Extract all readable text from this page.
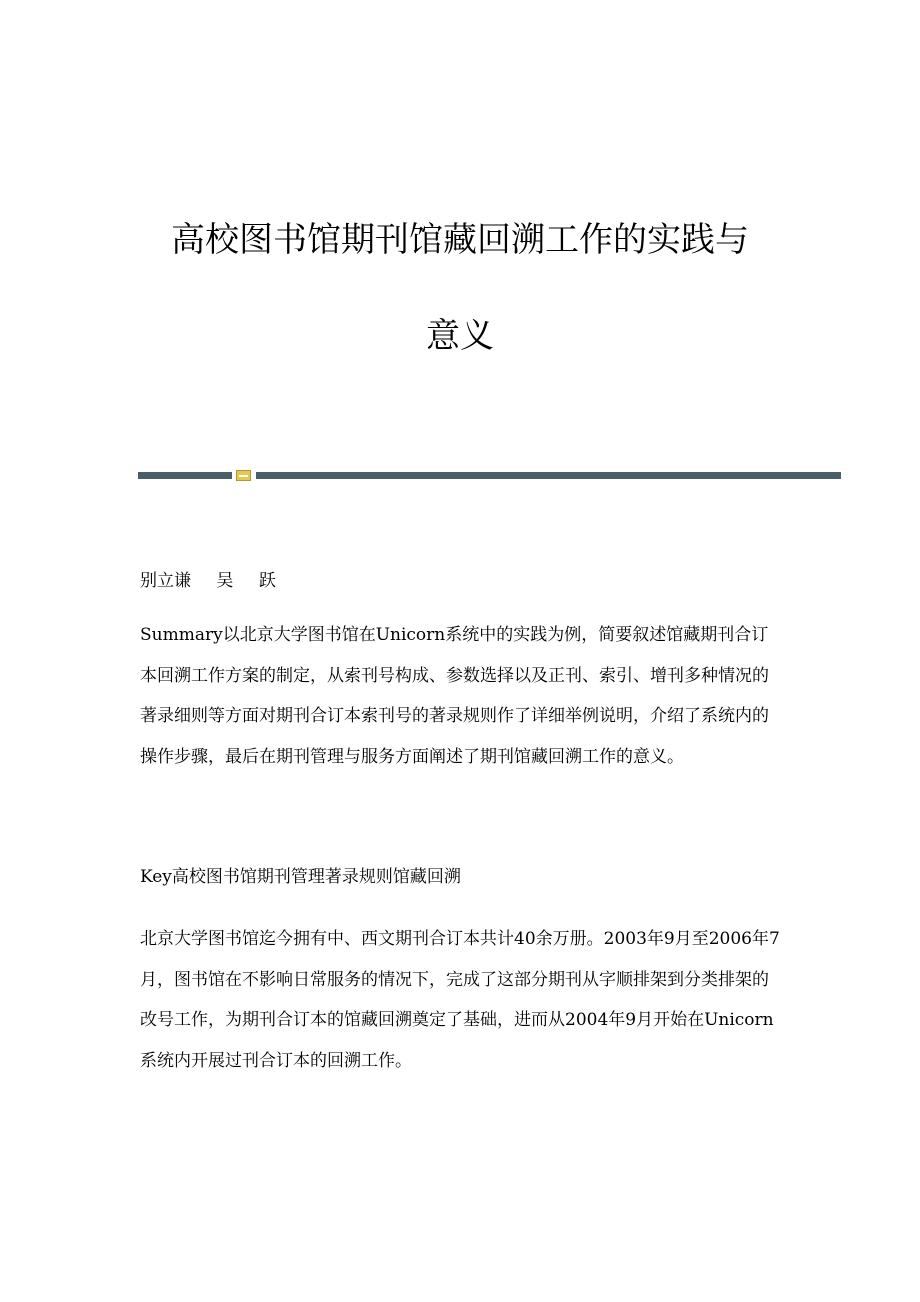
高校图书馆期刊馆藏回溯工作的实践与
意义

别立谦 吴 跃

Summary以北京大学图书馆在Unicorn系统中的实践为例，简要叙述馆藏期刊合订本回溯工作方案的制定，从索刊号构成、参数选择以及正刊、索引、增刊多种情况的著录细则等方面对期刊合订本索刊号的著录规则作了详细举例说明，介绍了系统内的操作步骤，最后在期刊管理与服务方面阐述了期刊馆藏回溯工作的意义。

Key高校图书馆期刊管理著录规则馆藏回溯

北京大学图书馆迄今拥有中、西文期刊合订本共计40余万册。2003年9月至2006年7月，图书馆在不影响日常服务的情况下，完成了这部分期刊从字顺排架到分类排架的改号工作，为期刊合订本的馆藏回溯奠定了基础，进而从2004年9月开始在Unicorn系统内开展过刊合订本的回溯工作。
